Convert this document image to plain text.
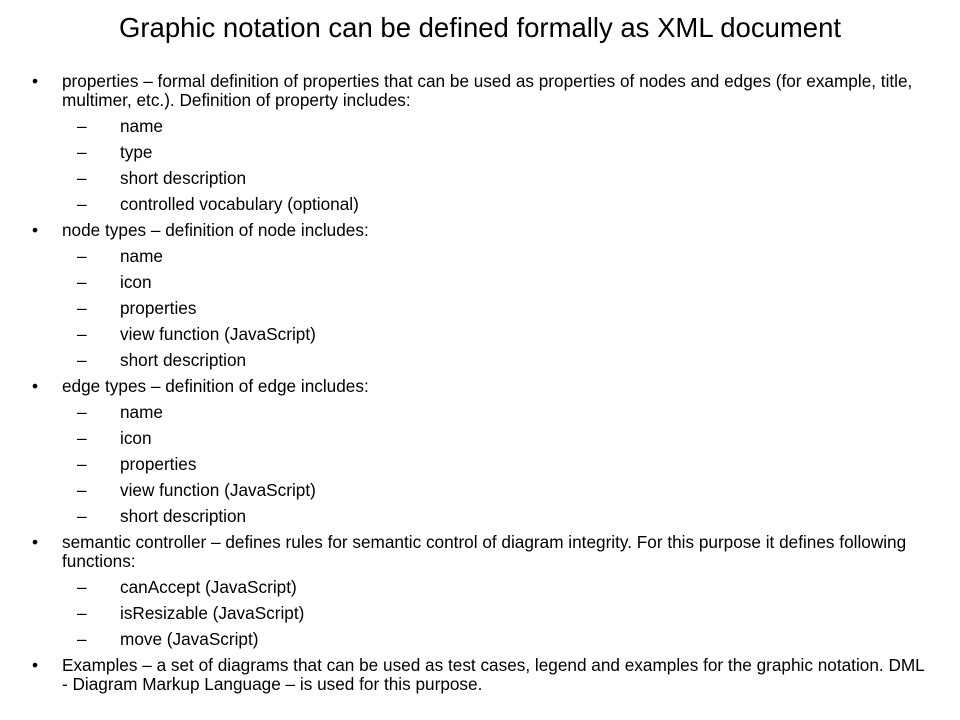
Graphic notation can be defined formally as XML document
•	properties – formal definition of properties that can be used as properties of nodes and edges (for example, title, multimer, etc.). Definition of property includes:
– name
– type
– short description
– controlled vocabulary (optional)
•	node types – definition of node includes:
– name
– icon
– properties
– view function (JavaScript)
– short description
•	edge types – definition of edge includes:
– name
– icon
– properties
– view function (JavaScript)
– short description
•	semantic controller – defines rules for semantic control of diagram integrity. For this purpose it defines following functions:
– canAccept (JavaScript)
– isResizable (JavaScript)
– move (JavaScript)
•	Examples – a set of diagrams that can be used as test cases, legend and examples for the graphic notation. DML - Diagram Markup Language – is used for this purpose.
